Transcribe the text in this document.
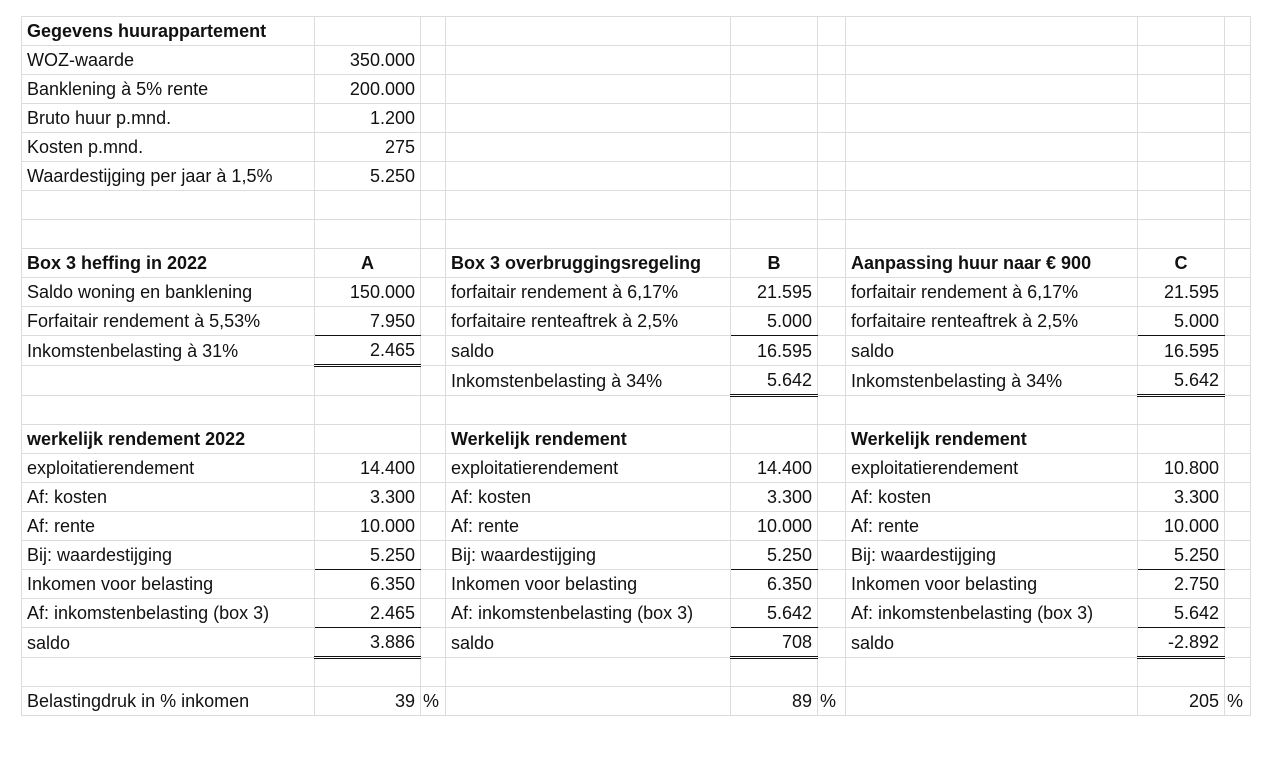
Gegevens huurappartement								
WOZ-waarde	350.000							
Banklening à 5% rente	200.000							
Bruto huur p.mnd.	1.200							
Kosten p.mnd.	275							
Waardestijging per jaar à 1,5%	5.250							

Box 3 heffing in 2022	A		Box 3 overbruggingsregeling	B		Aanpassing huur naar € 900	C	
Saldo woning en banklening	150.000		forfaitair rendement à 6,17%	21.595		forfaitair rendement à 6,17%	21.595	
Forfaitair rendement à 5,53%	7.950		forfaitaire renteaftrek à 2,5%	5.000		forfaitaire renteaftrek à 2,5%	5.000	
Inkomstenbelasting à 31%	2.465		saldo	16.595		saldo	16.595	
			Inkomstenbelasting à 34%	5.642		Inkomstenbelasting à 34%	5.642	

werkelijk rendement 2022			Werkelijk rendement			Werkelijk rendement		
exploitatierendement	14.400		exploitatierendement	14.400		exploitatierendement	10.800	
Af: kosten	3.300		Af: kosten	3.300		Af: kosten	3.300	
Af: rente	10.000		Af: rente	10.000		Af: rente	10.000	
Bij: waardestijging	5.250		Bij: waardestijging	5.250		Bij: waardestijging	5.250	
Inkomen voor belasting	6.350		Inkomen voor belasting	6.350		Inkomen voor belasting	2.750	
Af: inkomstenbelasting (box 3)	2.465		Af: inkomstenbelasting (box 3)	5.642		Af: inkomstenbelasting (box 3)	5.642	
saldo	3.886		saldo	708		saldo	-2.892	

Belastingdruk in % inkomen	39	%		89	%		205	%
